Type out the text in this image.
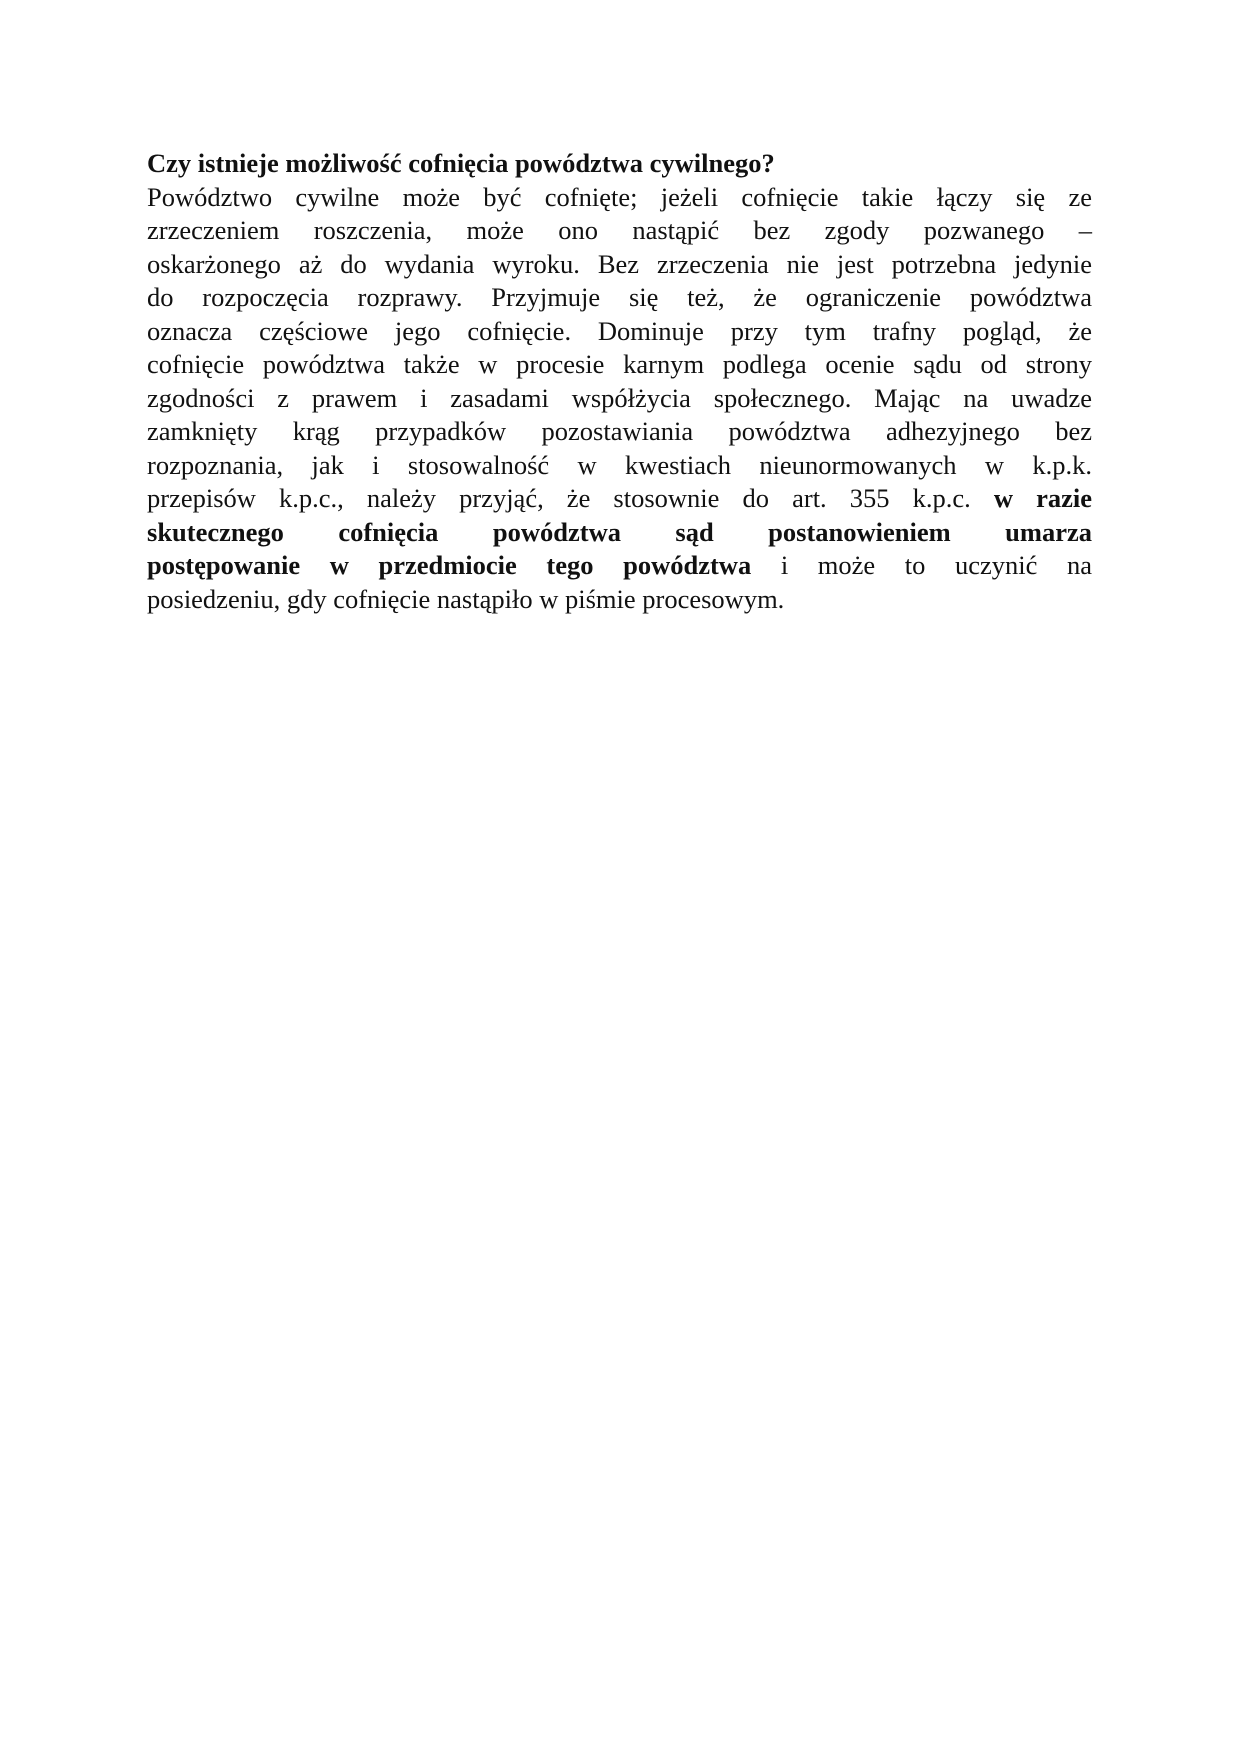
Czy istnieje możliwość cofnięcia powództwa cywilnego?
Powództwo cywilne może być cofnięte; jeżeli cofnięcie takie łączy się ze
zrzeczeniem roszczenia, może ono nastąpić bez zgody pozwanego –
oskarżonego aż do wydania wyroku. Bez zrzeczenia nie jest potrzebna jedynie
do rozpoczęcia rozprawy. Przyjmuje się też, że ograniczenie powództwa
oznacza częściowe jego cofnięcie. Dominuje przy tym trafny pogląd, że
cofnięcie powództwa także w procesie karnym podlega ocenie sądu od strony
zgodności z prawem i zasadami współżycia społecznego. Mając na uwadze
zamknięty krąg przypadków pozostawiania powództwa adhezyjnego bez
rozpoznania, jak i stosowalność w kwestiach nieunormowanych w k.p.k.
przepisów k.p.c., należy przyjąć, że stosownie do art. 355 k.p.c. w razie
skutecznego cofnięcia powództwa sąd postanowieniem umarza
postępowanie w przedmiocie tego powództwa i może to uczynić na
posiedzeniu, gdy cofnięcie nastąpiło w piśmie procesowym.
